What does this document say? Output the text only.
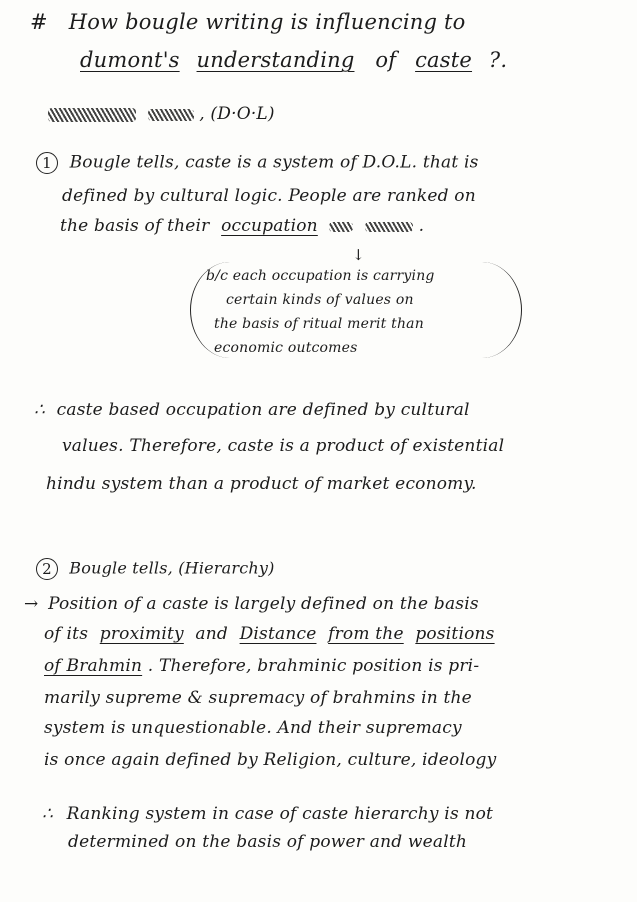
# How bougle writing is influencing to
dumont's understanding of caste ?.
, (D·O·L)
1 Bougle tells, caste is a system of D.O.L. that is
defined by cultural logic. People are ranked on
the basis of their occupation	.
↓
b/c each occupation is carrying
certain kinds of values on
the basis of ritual merit than
economic outcomes
∴ caste based occupation are defined by cultural
values. Therefore, caste is a product of existential
hindu system than a product of market economy.
2 Bougle tells, (Hierarchy)
→ Position of a caste is largely defined on the basis
of its proximity and Distance from the positions
of Brahmin . Therefore, brahminic position is pri-
marily supreme & supremacy of brahmins in the
system is unquestionable. And their supremacy
is once again defined by Religion, culture, ideology
∴ Ranking system in case of caste hierarchy is not
determined on the basis of power and wealth
